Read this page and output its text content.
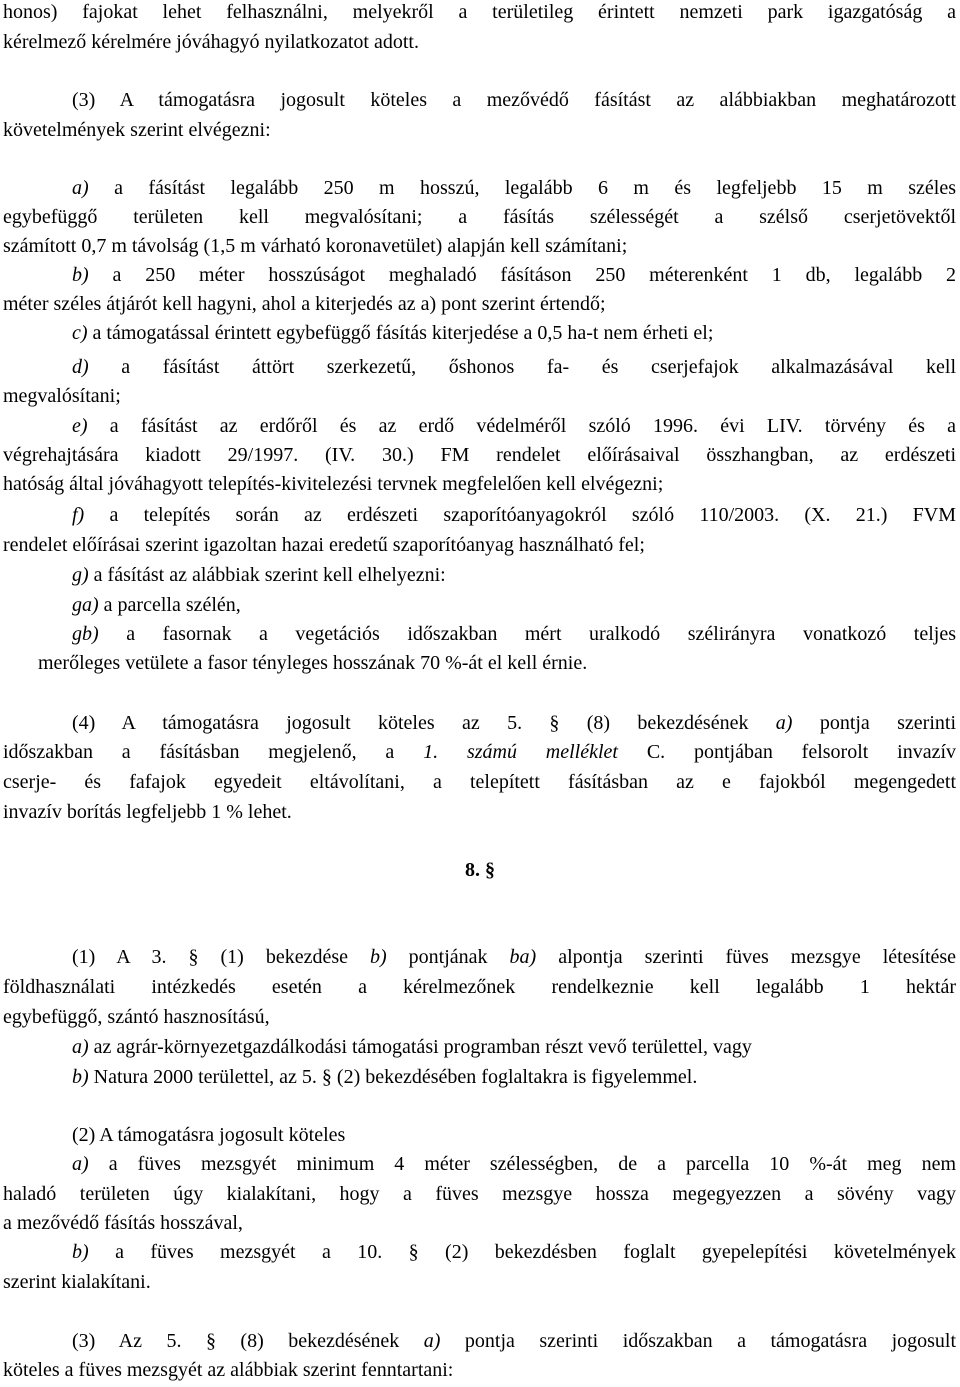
honos) fajokat lehet felhasználni, melyekről a területileg érintett nemzeti park igazgatóság a
kérelmező kérelmére jóváhagyó nyilatkozatot adott.
(3) A támogatásra jogosult köteles a mezővédő fásítást az alábbiakban meghatározott
követelmények szerint elvégezni:
a) a fásítást legalább 250 m hosszú, legalább 6 m és legfeljebb 15 m széles
egybefüggő területen kell megvalósítani; a fásítás szélességét a szélső cserjetövektől
számított 0,7 m távolság (1,5 m várható koronavetület) alapján kell számítani;
b) a 250 méter hosszúságot meghaladó fásításon 250 méterenként 1 db, legalább 2
méter széles átjárót kell hagyni, ahol a kiterjedés az a) pont szerint értendő;
c) a támogatással érintett egybefüggő fásítás kiterjedése a 0,5 ha-t nem érheti el;
d) a fásítást áttört szerkezetű, őshonos fa- és cserjefajok alkalmazásával kell
megvalósítani;
e) a fásítást az erdőről és az erdő védelméről szóló 1996. évi LIV. törvény és a
végrehajtására kiadott 29/1997. (IV. 30.) FM rendelet előírásaival összhangban, az erdészeti
hatóság által jóváhagyott telepítés-kivitelezési tervnek megfelelően kell elvégezni;
f) a telepítés során az erdészeti szaporítóanyagokról szóló 110/2003. (X. 21.) FVM
rendelet előírásai szerint igazoltan hazai eredetű szaporítóanyag használható fel;
g) a fásítást az alábbiak szerint kell elhelyezni:
ga) a parcella szélén,
gb) a fasornak a vegetációs időszakban mért uralkodó szélirányra vonatkozó teljes
merőleges vetülete a fasor tényleges hosszának 70 %-át el kell érnie.
(4) A támogatásra jogosult köteles az 5. § (8) bekezdésének a) pontja szerinti
időszakban a fásításban megjelenő, a 1. számú melléklet C. pontjában felsorolt invazív
cserje- és fafajok egyedeit eltávolítani, a telepített fásításban az e fajokból megengedett
invazív borítás legfeljebb 1 % lehet.
8. §
(1) A 3. § (1) bekezdése b) pontjának ba) alpontja szerinti füves mezsgye létesítése
földhasználati intézkedés esetén a kérelmezőnek rendelkeznie kell legalább 1 hektár
egybefüggő, szántó hasznosítású,
a) az agrár-környezetgazdálkodási támogatási programban részt vevő területtel, vagy
b) Natura 2000 területtel, az 5. § (2) bekezdésében foglaltakra is figyelemmel.
(2) A támogatásra jogosult köteles
a) a füves mezsgyét minimum 4 méter szélességben, de a parcella 10 %-át meg nem
haladó területen úgy kialakítani, hogy a füves mezsgye hossza megegyezzen a sövény vagy
a mezővédő fásítás hosszával,
b) a füves mezsgyét a 10. § (2) bekezdésben foglalt gyepelepítési követelmények
szerint kialakítani.
(3) Az 5. § (8) bekezdésének a) pontja szerinti időszakban a támogatásra jogosult
köteles a füves mezsgyét az alábbiak szerint fenntartani:
